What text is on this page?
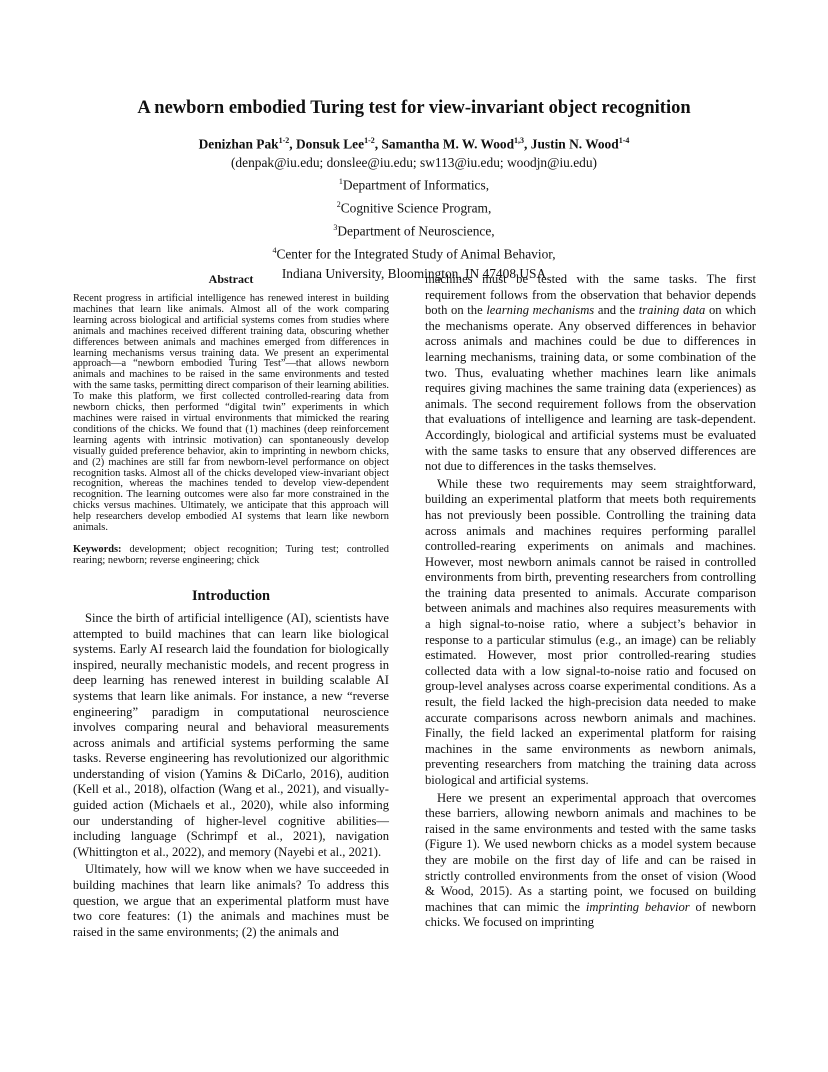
A newborn embodied Turing test for view-invariant object recognition
Denizhan Pak$^{1-2}$, Donsuk Lee$^{1-2}$, Samantha M. W. Wood$^{1,3}$, Justin N. Wood$^{1-4}$
(denpak@iu.edu; donslee@iu.edu; sw113@iu.edu; woodjn@iu.edu)
$^1$Department of Informatics,
$^2$Cognitive Science Program,
$^3$Department of Neuroscience,
$^4$Center for the Integrated Study of Animal Behavior,
Indiana University, Bloomington, IN 47408 USA
Abstract

Recent progress in artificial intelligence has renewed interest in building machines that learn like animals. Almost all of the work comparing learning across biological and artificial systems comes from studies where animals and machines received different training data, obscuring whether differences between animals and machines emerged from differences in learning mechanisms versus training data. We present an experimental approach—a “newborn embodied Turing Test”—that allows newborn animals and machines to be raised in the same environments and tested with the same tasks, permitting direct comparison of their learning abilities. To make this platform, we first collected controlled-rearing data from newborn chicks, then performed “digital twin” experiments in which machines were raised in virtual environments that mimicked the rearing conditions of the chicks. We found that (1) machines (deep reinforcement learning agents with intrinsic motivation) can spontaneously develop visually guided preference behavior, akin to imprinting in newborn chicks, and (2) machines are still far from newborn-level performance on object recognition tasks. Almost all of the chicks developed view-invariant object recognition, whereas the machines tended to develop view-dependent recognition. The learning outcomes were also far more constrained in the chicks versus machines. Ultimately, we anticipate that this approach will help researchers develop embodied AI systems that learn like newborn animals.

Keywords: development; object recognition; Turing test; controlled rearing; newborn; reverse engineering; chick

Introduction

Since the birth of artificial intelligence (AI), scientists have attempted to build machines that can learn like biological systems. Early AI research laid the foundation for biologically inspired, neurally mechanistic models, and recent progress in deep learning has renewed interest in building scalable AI systems that learn like animals. For instance, a new “reverse engineering” paradigm in computational neuroscience involves comparing neural and behavioral measurements across animals and artificial systems performing the same tasks. Reverse engineering has revolutionized our algorithmic understanding of vision (Yamins & DiCarlo, 2016), audition (Kell et al., 2018), olfaction (Wang et al., 2021), and visually-guided action (Michaels et al., 2020), while also informing our understanding of higher-level cognitive abilities—including language (Schrimpf et al., 2021), navigation (Whittington et al., 2022), and memory (Nayebi et al., 2021).

Ultimately, how will we know when we have succeeded in building machines that learn like animals? To address this question, we argue that an experimental platform must have two core features: (1) the animals and machines must be raised in the same environments; (2) the animals and

machines must be tested with the same tasks. The first requirement follows from the observation that behavior depends both on the learning mechanisms and the training data on which the mechanisms operate. Any observed differences in behavior across animals and machines could be due to differences in learning mechanisms, training data, or some combination of the two. Thus, evaluating whether machines learn like animals requires giving machines the same training data (experiences) as animals. The second requirement follows from the observation that evaluations of intelligence and learning are task-dependent. Accordingly, biological and artificial systems must be evaluated with the same tasks to ensure that any observed differences are not due to differences in the tasks themselves.

While these two requirements may seem straightforward, building an experimental platform that meets both requirements has not previously been possible. Controlling the training data across animals and machines requires performing parallel controlled-rearing experiments on animals and machines. However, most newborn animals cannot be raised in controlled environments from birth, preventing researchers from controlling the training data presented to animals. Accurate comparison between animals and machines also requires measurements with a high signal-to-noise ratio, where a subject’s behavior in response to a particular stimulus (e.g., an image) can be reliably estimated. However, most prior controlled-rearing studies collected data with a low signal-to-noise ratio and focused on group-level analyses across coarse experimental conditions. As a result, the field lacked the high-precision data needed to make accurate comparisons across newborn animals and machines. Finally, the field lacked an experimental platform for raising machines in the same environments as newborn animals, preventing researchers from matching the training data across biological and artificial systems.

Here we present an experimental approach that overcomes these barriers, allowing newborn animals and machines to be raised in the same environments and tested with the same tasks (Figure 1). We used newborn chicks as a model system because they are mobile on the first day of life and can be raised in strictly controlled environments from the onset of vision (Wood & Wood, 2015). As a starting point, we focused on building machines that can mimic the imprinting behavior of newborn chicks. We focused on imprinting
